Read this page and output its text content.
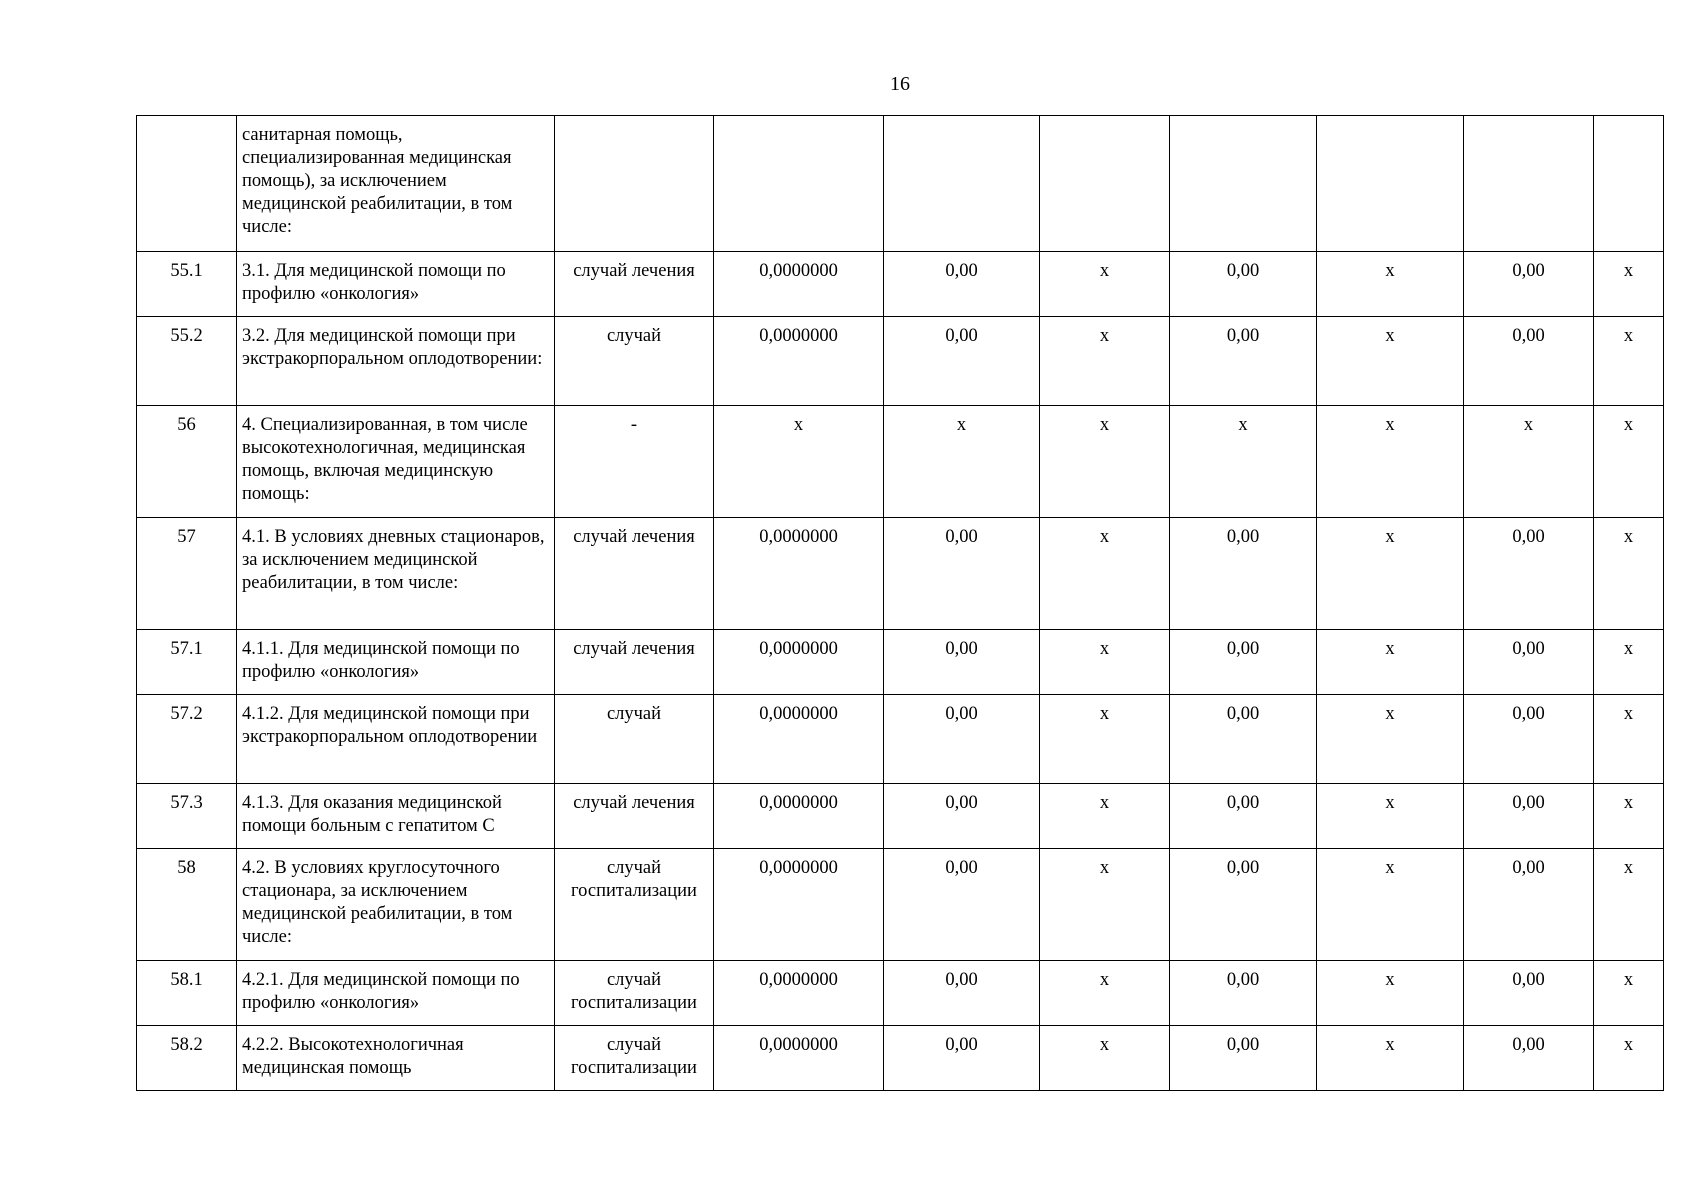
16
	санитарная помощь, специализированная медицинская помощь), за исключением медицинской реабилитации, в том числе:								
55.1	3.1. Для медицинской помощи по профилю «онкология»	случай лечения	0,0000000	0,00	х	0,00	х	0,00	х
55.2	3.2. Для медицинской помощи при экстракорпоральном оплодотворении:	случай	0,0000000	0,00	х	0,00	х	0,00	х
56	4. Специализированная, в том числе высокотехнологичная, медицинская помощь, включая медицинскую помощь:	-	х	х	х	х	х	х	х
57	4.1. В условиях дневных стационаров, за исключением медицинской реабилитации, в том числе:	случай лечения	0,0000000	0,00	х	0,00	х	0,00	х
57.1	4.1.1. Для медицинской помощи по профилю «онкология»	случай лечения	0,0000000	0,00	х	0,00	х	0,00	х
57.2	4.1.2. Для медицинской помощи при экстракорпоральном оплодотворении	случай	0,0000000	0,00	х	0,00	х	0,00	х
57.3	4.1.3. Для оказания медицинской помощи больным с гепатитом С	случай лечения	0,0000000	0,00	х	0,00	х	0,00	х
58	4.2. В условиях круглосуточного стационара, за исключением медицинской реабилитации, в том числе:	случай госпитализации	0,0000000	0,00	х	0,00	х	0,00	х
58.1	4.2.1. Для медицинской помощи по профилю «онкология»	случай госпитализации	0,0000000	0,00	х	0,00	х	0,00	х
58.2	4.2.2. Высокотехнологичная медицинская помощь	случай госпитализации	0,0000000	0,00	х	0,00	х	0,00	х
